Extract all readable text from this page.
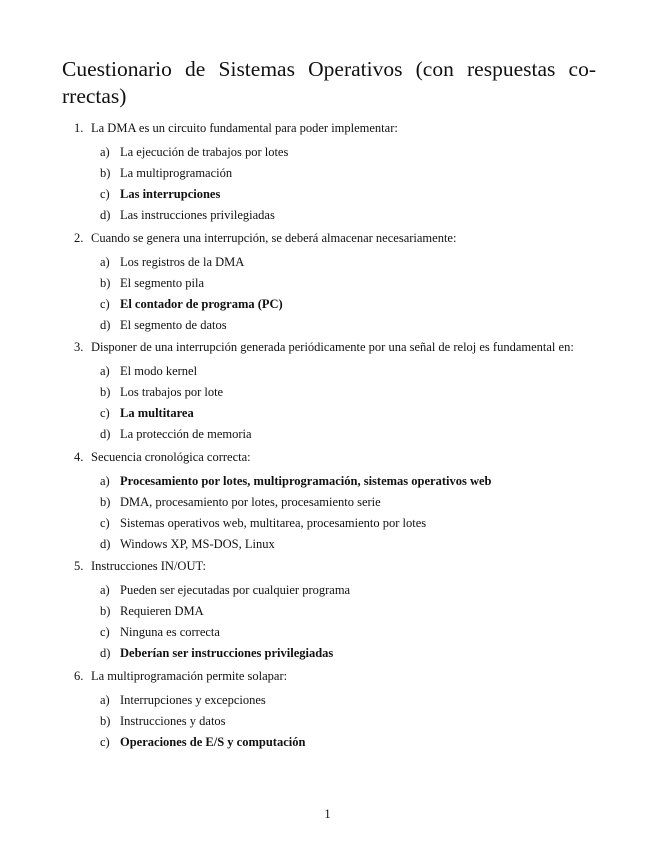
Cuestionario de Sistemas Operativos (con respuestas co-rrectas)
1. La DMA es un circuito fundamental para poder implementar:
a) La ejecución de trabajos por lotes
b) La multiprogramación
c) Las interrupciones
d) Las instrucciones privilegiadas
2. Cuando se genera una interrupción, se deberá almacenar necesariamente:
a) Los registros de la DMA
b) El segmento pila
c) El contador de programa (PC)
d) El segmento de datos
3. Disponer de una interrupción generada periódicamente por una señal de reloj es fundamental en:
a) El modo kernel
b) Los trabajos por lote
c) La multitarea
d) La protección de memoria
4. Secuencia cronológica correcta:
a) Procesamiento por lotes, multiprogramación, sistemas operativos web
b) DMA, procesamiento por lotes, procesamiento serie
c) Sistemas operativos web, multitarea, procesamiento por lotes
d) Windows XP, MS-DOS, Linux
5. Instrucciones IN/OUT:
a) Pueden ser ejecutadas por cualquier programa
b) Requieren DMA
c) Ninguna es correcta
d) Deberían ser instrucciones privilegiadas
6. La multiprogramación permite solapar:
a) Interrupciones y excepciones
b) Instrucciones y datos
c) Operaciones de E/S y computación
1
